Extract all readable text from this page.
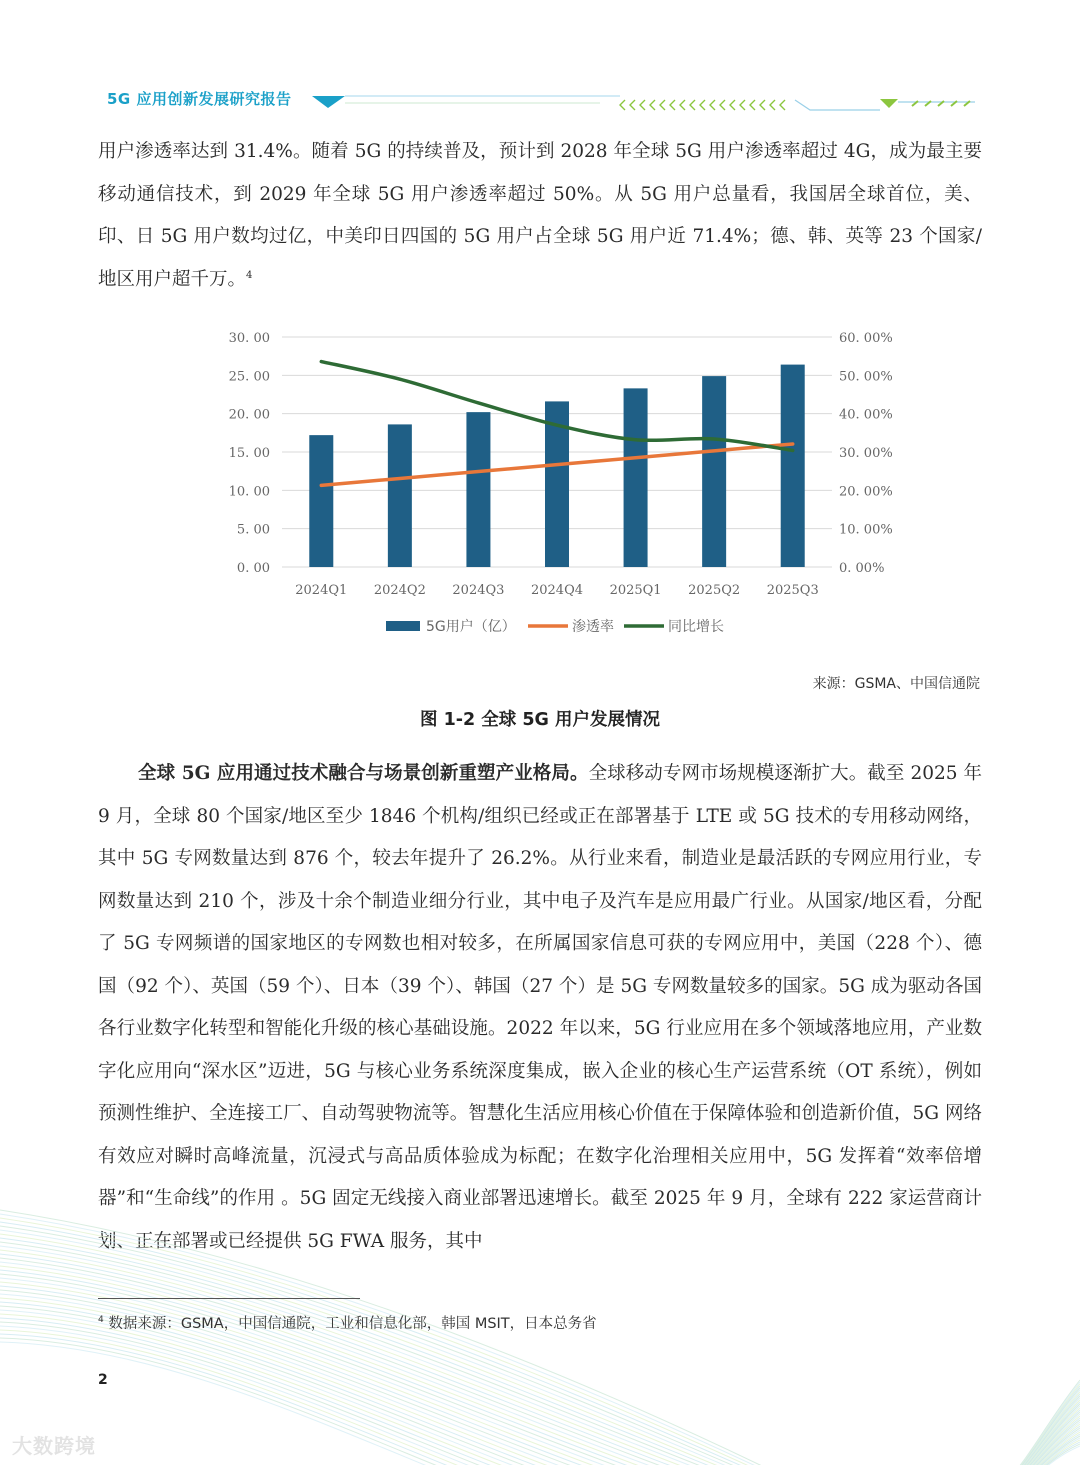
5G 应用创新发展研究报告

用户渗透率达到 31.4%。随着 5G 的持续普及，预计到 2028 年全球 5G 用户渗透率超过 4G，成为最主要移动通信技术，到 2029 年全球 5G 用户渗透率超过 50%。从 5G 用户总量看，我国居全球首位，美、印、日 5G 用户数均过亿，中美印日四国的 5G 用户占全球 5G 用户近 71.4%；德、韩、英等 23 个国家/地区用户超千万。$^4$

0. 00	0. 00%
5. 00	10. 00%
10. 00	20. 00%
15. 00	30. 00%
20. 00	40. 00%
25. 00	50. 00%
30. 00	60. 00%
2024Q1 2024Q2 2024Q3 2024Q4 2025Q1 2025Q2 2025Q3
5G用户（亿）	渗透率	同比增长
来源：GSMA、中国信通院
图 1-2 全球 5G 用户发展情况

全球 5G 应用通过技术融合与场景创新重塑产业格局。全球移动专网市场规模逐渐扩大。截至 2025 年 9 月，全球 80 个国家/地区至少 1846 个机构/组织已经或正在部署基于 LTE 或 5G 技术的专用移动网络，其中 5G 专网数量达到 876 个，较去年提升了 26.2%。从行业来看，制造业是最活跃的专网应用行业，专网数量达到 210 个，涉及十余个制造业细分行业，其中电子及汽车是应用最广行业。从国家/地区看，分配了 5G 专网频谱的国家地区的专网数也相对较多，在所属国家信息可获的专网应用中，美国（228 个）、德国（92 个）、英国（59 个）、日本（39 个）、韩国（27 个）是 5G 专网数量较多的国家。5G 成为驱动各国各行业数字化转型和智能化升级的核心基础设施。2022 年以来，5G 行业应用在多个领域落地应用，产业数字化应用向“深水区”迈进，5G 与核心业务系统深度集成，嵌入企业的核心生产运营系统（OT 系统），例如预测性维护、全连接工厂、自动驾驶物流等。智慧化生活应用核心价值在于保障体验和创造新价值，5G 网络有效应对瞬时高峰流量，沉浸式与高品质体验成为标配；在数字化治理相关应用中，5G 发挥着“效率倍增器”和“生命线”的作用 。5G 固定无线接入商业部署迅速增长。截至 2025 年 9 月，全球有 222 家运营商计划、正在部署或已经提供 5G FWA 服务，其中

$^4$ 数据来源：GSMA，中国信通院，工业和信息化部，韩国 MSIT，日本总务省
2
大数跨境
